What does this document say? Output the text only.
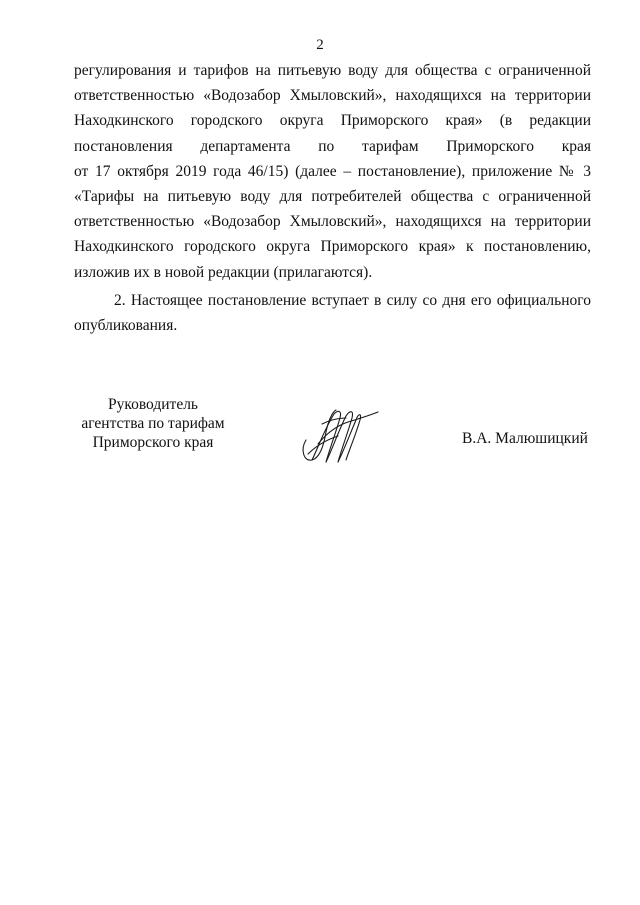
2
регулирования и тарифов на питьевую воду для общества с ограниченной
ответственностью «Водозабор Хмыловский», находящихся на территории
Находкинского городского округа Приморского края» (в редакции
постановления департамента по тарифам Приморского края
от 17 октября 2019 года 46/15) (далее – постановление), приложение № 3
«Тарифы на питьевую воду для потребителей общества с ограниченной
ответственностью «Водозабор Хмыловский», находящихся на территории
Находкинского городского округа Приморского края» к постановлению,
изложив их в новой редакции (прилагаются).
2. Настоящее постановление вступает в силу со дня его официального
опубликования.
Руководитель
агентства по тарифам
Приморского края	В.А. Малюшицкий
